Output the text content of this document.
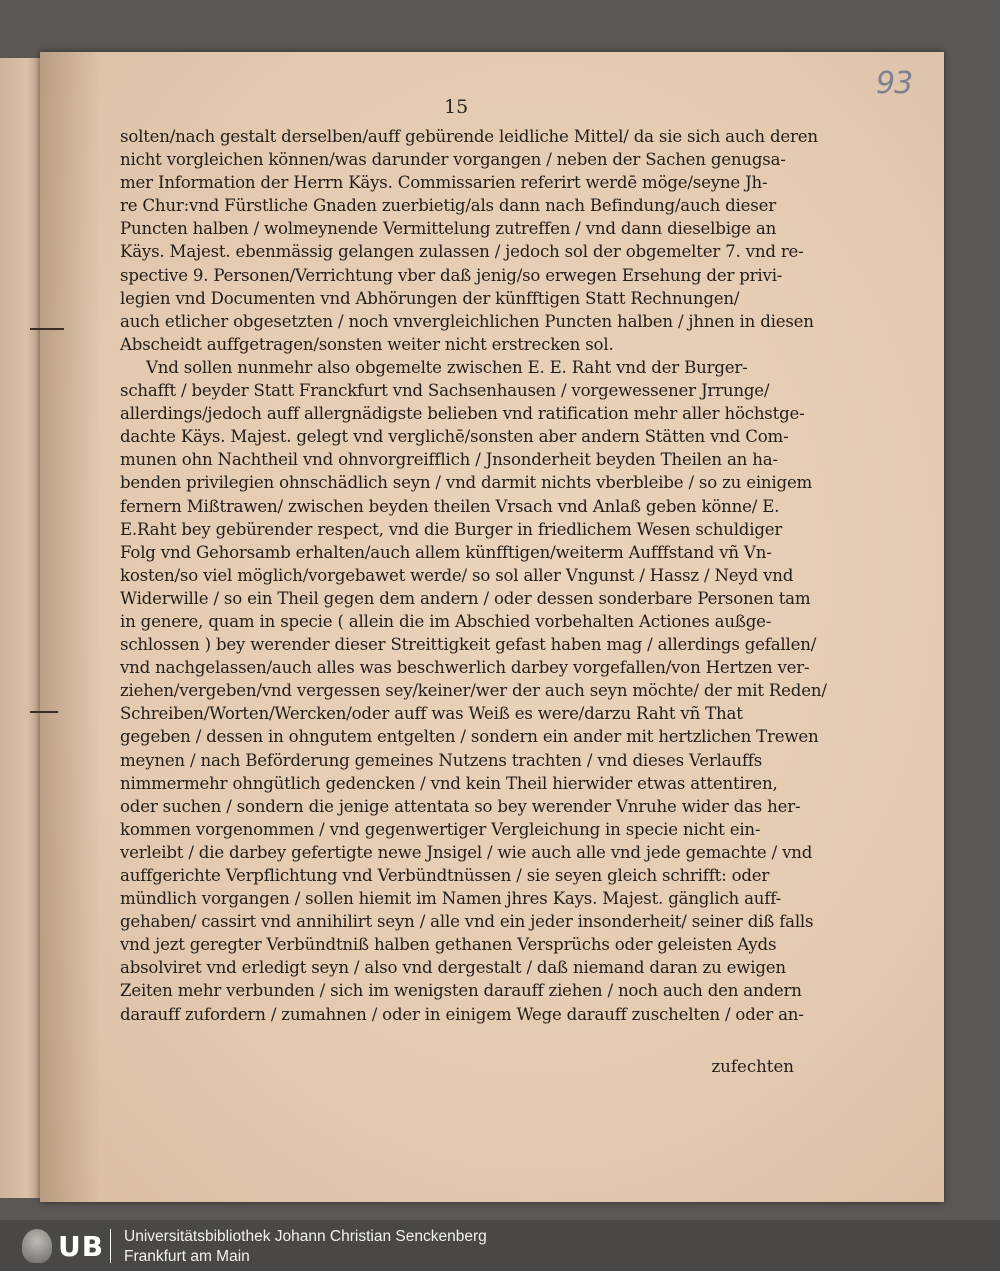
93
15
solten/nach gestalt derselben/auff gebürende leidliche Mittel/ da sie sich auch deren
nicht vorgleichen können/was darunder vorgangen / neben der Sachen genugsa-
mer Information der Herrn Käys. Commissarien referirt werdē möge/seyne Jh-
re Chur:vnd Fürstliche Gnaden zuerbietig/als dann nach Befindung/auch dieser
Puncten halben / wolmeynende Vermittelung zutreffen / vnd dann dieselbige an
Käys. Majest. ebenmässig gelangen zulassen / jedoch sol der obgemelter 7. vnd re-
spective 9. Personen/Verrichtung vber daß jenig/so erwegen Ersehung der privi-
legien vnd Documenten vnd Abhörungen der künfftigen Statt Rechnungen/
auch etlicher obgesetzten / noch vnvergleichlichen Puncten halben / jhnen in diesen
Abscheidt auffgetragen/sonsten weiter nicht erstrecken sol.
Vnd sollen nunmehr also obgemelte zwischen E. E. Raht vnd der Burger-
schafft / beyder Statt Franckfurt vnd Sachsenhausen / vorgewessener Jrrunge/
allerdings/jedoch auff allergnädigste belieben vnd ratification mehr aller höchstge-
dachte Käys. Majest. gelegt vnd verglichē/sonsten aber andern Stätten vnd Com-
munen ohn Nachtheil vnd ohnvorgreifflich / Jnsonderheit beyden Theilen an ha-
benden privilegien ohnschädlich seyn / vnd darmit nichts vberbleibe / so zu einigem
fernern Mißtrawen/ zwischen beyden theilen Vrsach vnd Anlaß geben könne/ E.
E.Raht bey gebürender respect, vnd die Burger in friedlichem Wesen schuldiger
Folg vnd Gehorsamb erhalten/auch allem künfftigen/weiterm Aufffstand vñ Vn-
kosten/so viel möglich/vorgebawet werde/ so sol aller Vngunst / Hassz / Neyd vnd
Widerwille / so ein Theil gegen dem andern / oder dessen sonderbare Personen tam
in genere, quam in specie ( allein die im Abschied vorbehalten Actiones außge-
schlossen ) bey werender dieser Streittigkeit gefast haben mag / allerdings gefallen/
vnd nachgelassen/auch alles was beschwerlich darbey vorgefallen/von Hertzen ver-
ziehen/vergeben/vnd vergessen sey/keiner/wer der auch seyn möchte/ der mit Reden/
Schreiben/Worten/Wercken/oder auff was Weiß es were/darzu Raht vñ That
gegeben / dessen in ohngutem entgelten / sondern ein ander mit hertzlichen Trewen
meynen / nach Beförderung gemeines Nutzens trachten / vnd dieses Verlauffs
nimmermehr ohngütlich gedencken / vnd kein Theil hierwider etwas attentiren,
oder suchen / sondern die jenige attentata so bey werender Vnruhe wider das her-
kommen vorgenommen / vnd gegenwertiger Vergleichung in specie nicht ein-
verleibt / die darbey gefertigte newe Jnsigel / wie auch alle vnd jede gemachte / vnd
auffgerichte Verpflichtung vnd Verbündtnüssen / sie seyen gleich schrifft: oder
mündlich vorgangen / sollen hiemit im Namen jhres Kays. Majest. gänglich auff-
gehaben/ cassirt vnd annihilirt seyn / alle vnd ein jeder insonderheit/ seiner diß falls
vnd jezt geregter Verbündtniß halben gethanen Versprüchs oder geleisten Ayds
absolviret vnd erledigt seyn / also vnd dergestalt / daß niemand daran zu ewigen
Zeiten mehr verbunden / sich im wenigsten darauff ziehen / noch auch den andern
darauff zufordern / zumahnen / oder in einigem Wege darauff zuschelten / oder an-
zufechten
UB Universitätsbibliothek Johann Christian Senckenberg
Frankfurt am Main
